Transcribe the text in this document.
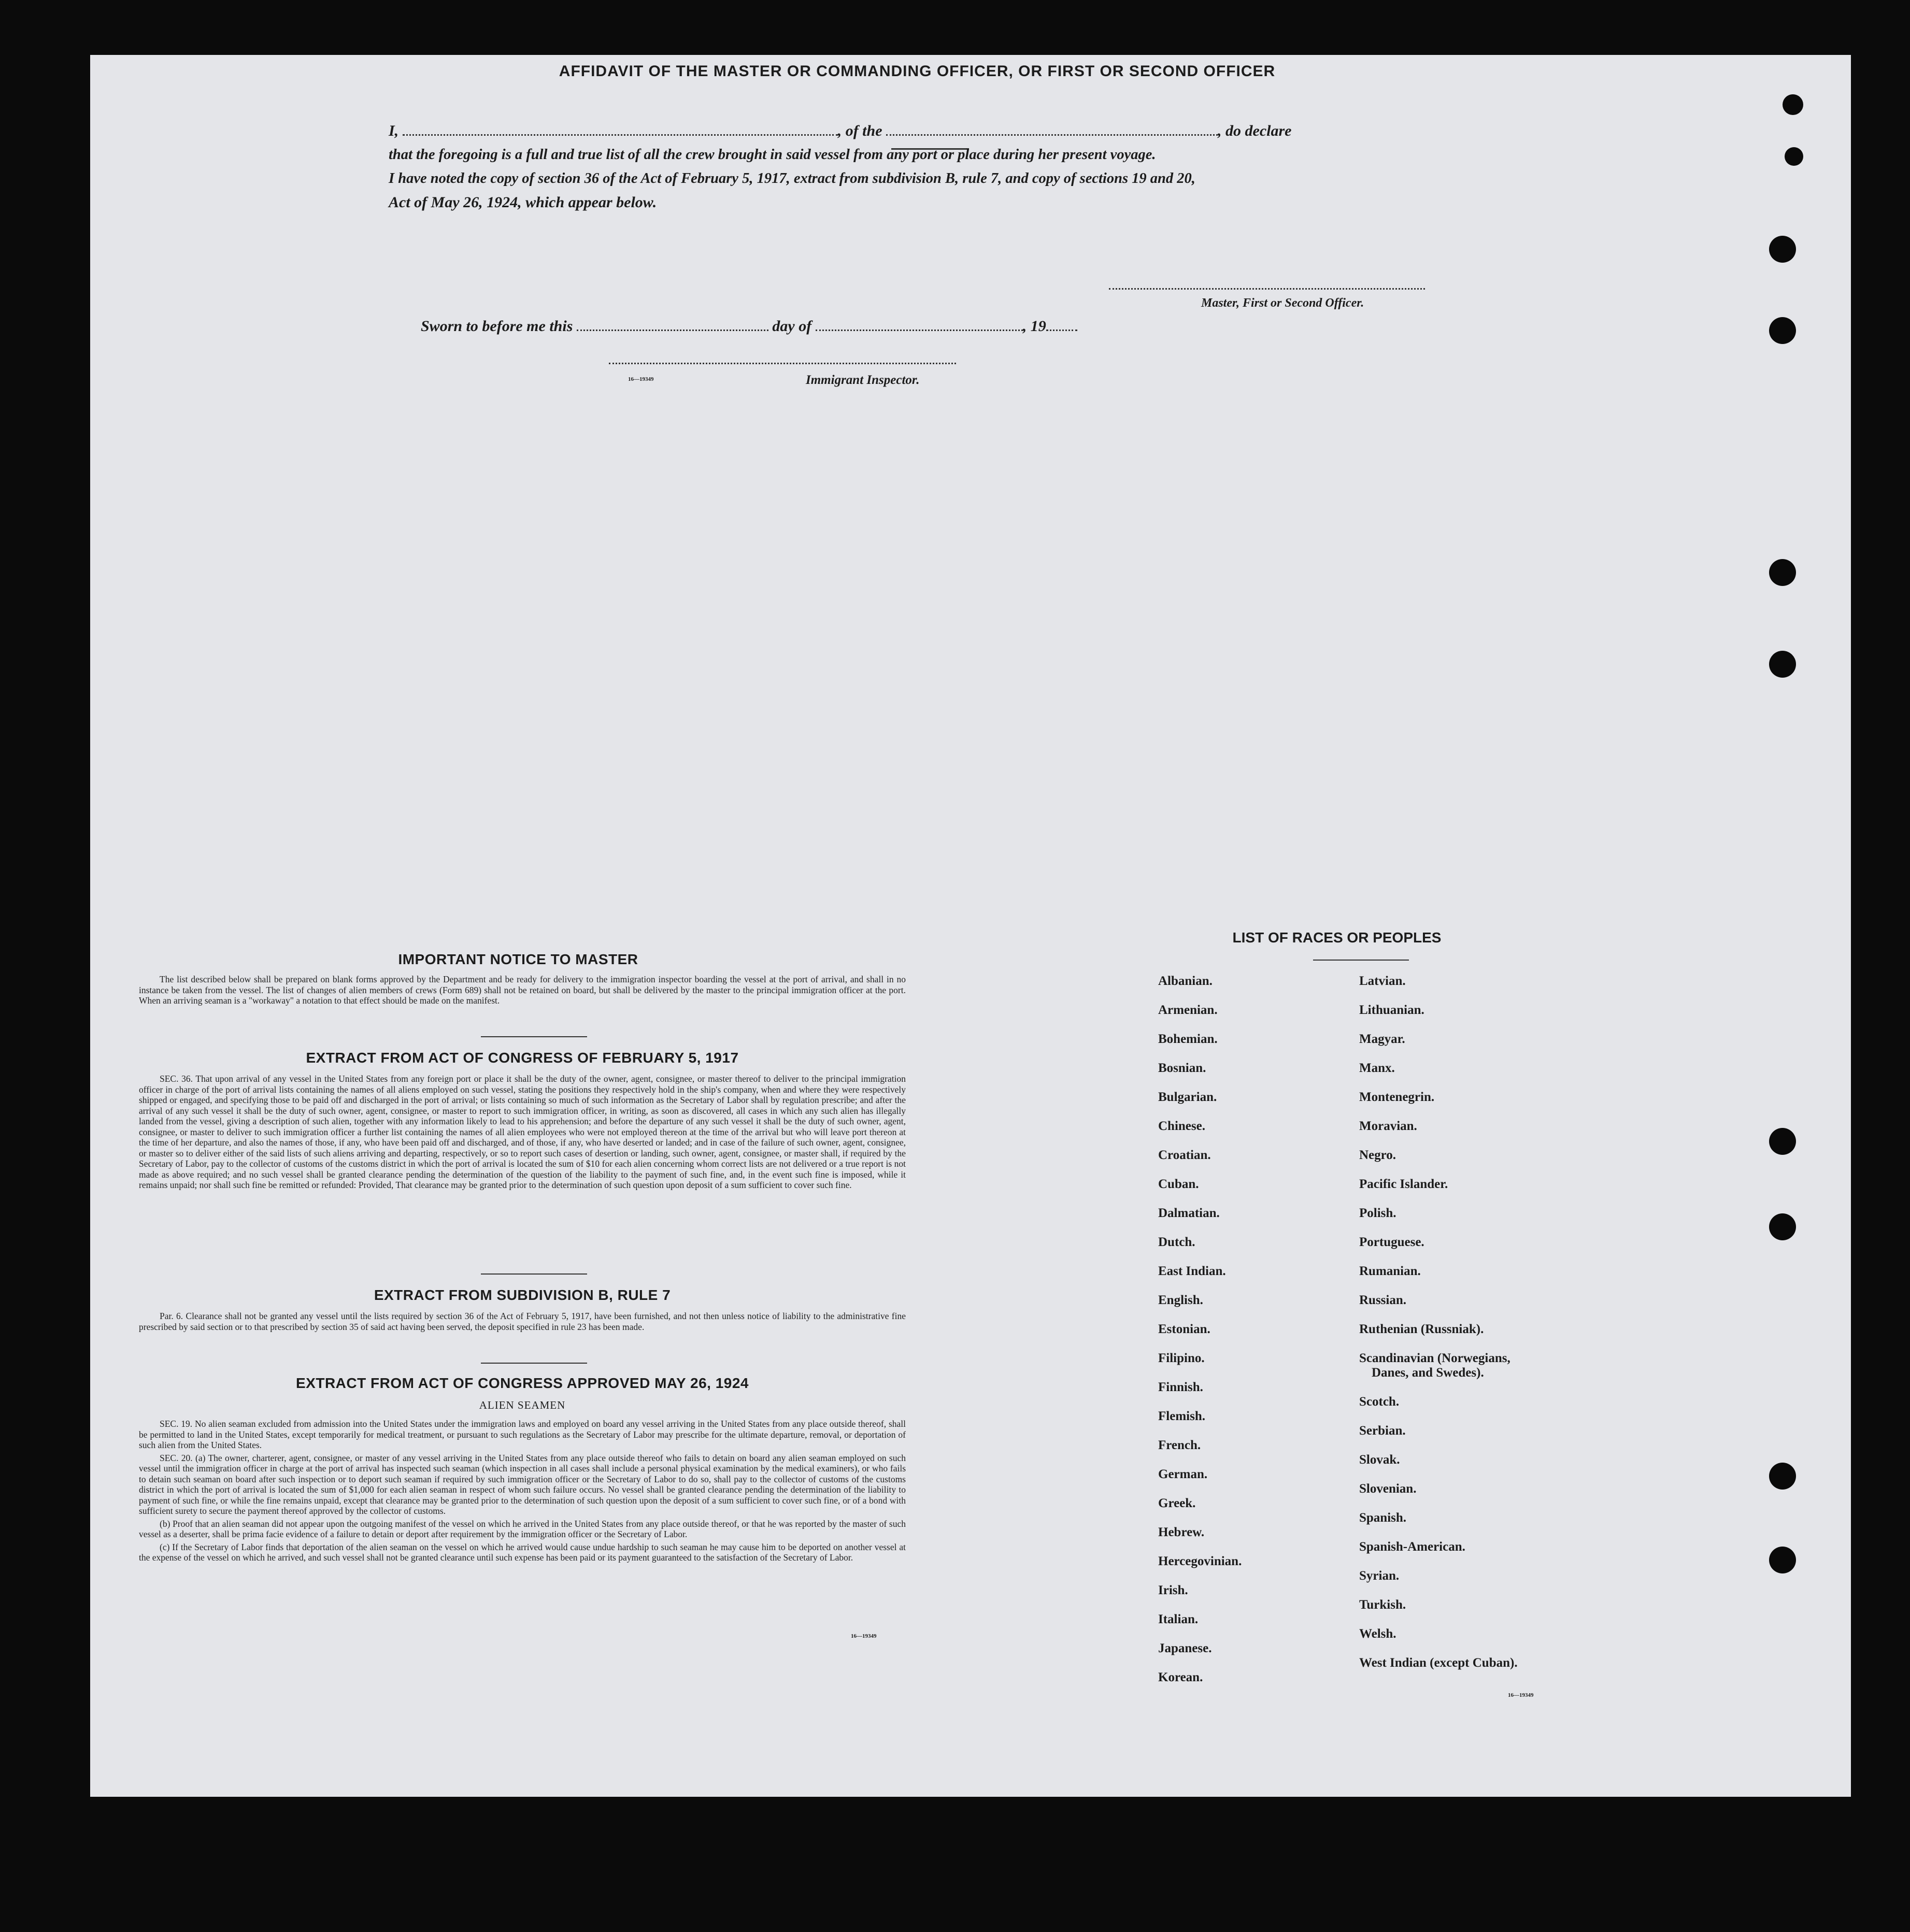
AFFIDAVIT OF THE MASTER OR COMMANDING OFFICER, OR FIRST OR SECOND OFFICER

I,	, of the	, do declare

that the foregoing is a full and true list of all the crew brought in said vessel from any port or place during her present voyage.

I have noted the copy of section 36 of the Act of February 5, 1917, extract from subdivision B, rule 7, and copy of sections 19 and 20,

Act of May 26, 1924, which appear below.

Master, First or Second Officer.
Sworn to before me this	day of	, 19
16—19349	Immigrant Inspector.
IMPORTANT NOTICE TO MASTER

The list described below shall be prepared on blank forms approved by the Department and be ready for delivery to the immigration inspector boarding the vessel at the port of arrival, and shall in no instance be taken from the vessel. The list of changes of alien members of crews (Form 689) shall not be retained on board, but shall be delivered by the master to the principal immigration officer at the port. When an arriving seaman is a "workaway" a notation to that effect should be made on the manifest.

EXTRACT FROM ACT OF CONGRESS OF FEBRUARY 5, 1917

SEC. 36. That upon arrival of any vessel in the United States from any foreign port or place it shall be the duty of the owner, agent, consignee, or master thereof to deliver to the principal immigration officer in charge of the port of arrival lists containing the names of all aliens employed on such vessel, stating the positions they respectively hold in the ship's company, when and where they were respectively shipped or engaged, and specifying those to be paid off and discharged in the port of arrival; or lists containing so much of such information as the Secretary of Labor shall by regulation prescribe; and after the arrival of any such vessel it shall be the duty of such owner, agent, consignee, or master to report to such immigration officer, in writing, as soon as discovered, all cases in which any such alien has illegally landed from the vessel, giving a description of such alien, together with any information likely to lead to his apprehension; and before the departure of any such vessel it shall be the duty of such owner, agent, consignee, or master to deliver to such immigration officer a further list containing the names of all alien employees who were not employed thereon at the time of the arrival but who will leave port thereon at the time of her departure, and also the names of those, if any, who have been paid off and discharged, and of those, if any, who have deserted or landed; and in case of the failure of such owner, agent, consignee, or master so to deliver either of the said lists of such aliens arriving and departing, respectively, or so to report such cases of desertion or landing, such owner, agent, consignee, or master shall, if required by the Secretary of Labor, pay to the collector of customs of the customs district in which the port of arrival is located the sum of $10 for each alien concerning whom correct lists are not delivered or a true report is not made as above required; and no such vessel shall be granted clearance pending the determination of the question of the liability to the payment of such fine, and, in the event such fine is imposed, while it remains unpaid; nor shall such fine be remitted or refunded: Provided, That clearance may be granted prior to the determination of such question upon deposit of a sum sufficient to cover such fine.

EXTRACT FROM SUBDIVISION B, RULE 7

Par. 6. Clearance shall not be granted any vessel until the lists required by section 36 of the Act of February 5, 1917, have been furnished, and not then unless notice of liability to the administrative fine prescribed by said section or to that prescribed by section 35 of said act having been served, the deposit specified in rule 23 has been made.

EXTRACT FROM ACT OF CONGRESS APPROVED MAY 26, 1924
ALIEN SEAMEN

SEC. 19. No alien seaman excluded from admission into the United States under the immigration laws and employed on board any vessel arriving in the United States from any place outside thereof, shall be permitted to land in the United States, except temporarily for medical treatment, or pursuant to such regulations as the Secretary of Labor may prescribe for the ultimate departure, removal, or deportation of such alien from the United States.

SEC. 20. (a) The owner, charterer, agent, consignee, or master of any vessel arriving in the United States from any place outside thereof who fails to detain on board any alien seaman employed on such vessel until the immigration officer in charge at the port of arrival has inspected such seaman (which inspection in all cases shall include a personal physical examination by the medical examiners), or who fails to detain such seaman on board after such inspection or to deport such seaman if required by such immigration officer or the Secretary of Labor to do so, shall pay to the collector of customs of the customs district in which the port of arrival is located the sum of $1,000 for each alien seaman in respect of whom such failure occurs. No vessel shall be granted clearance pending the determination of the liability to payment of such fine, or while the fine remains unpaid, except that clearance may be granted prior to the determination of such question upon the deposit of a sum sufficient to cover such fine, or of a bond with sufficient surety to secure the payment thereof approved by the collector of customs.

(b) Proof that an alien seaman did not appear upon the outgoing manifest of the vessel on which he arrived in the United States from any place outside thereof, or that he was reported by the master of such vessel as a deserter, shall be prima facie evidence of a failure to detain or deport after requirement by the immigration officer or the Secretary of Labor.

(c) If the Secretary of Labor finds that deportation of the alien seaman on the vessel on which he arrived would cause undue hardship to such seaman he may cause him to be deported on another vessel at the expense of the vessel on which he arrived, and such vessel shall not be granted clearance until such expense has been paid or its payment guaranteed to the satisfaction of the Secretary of Labor.

16—19349
LIST OF RACES OR PEOPLES
Albanian.
Armenian.
Bohemian.
Bosnian.
Bulgarian.
Chinese.
Croatian.
Cuban.
Dalmatian.
Dutch.
East Indian.
English.
Estonian.
Filipino.
Finnish.
Flemish.
French.
German.
Greek.
Hebrew.
Hercegovinian.
Irish.
Italian.
Japanese.
Korean.
Latvian.
Lithuanian.
Magyar.
Manx.
Montenegrin.
Moravian.
Negro.
Pacific Islander.
Polish.
Portuguese.
Rumanian.
Russian.
Ruthenian (Russniak).
Scandinavian (Norwegians,
Danes, and Swedes).
Scotch.
Serbian.
Slovak.
Slovenian.
Spanish.
Spanish-American.
Syrian.
Turkish.
Welsh.
West Indian (except Cuban).
16—19349
